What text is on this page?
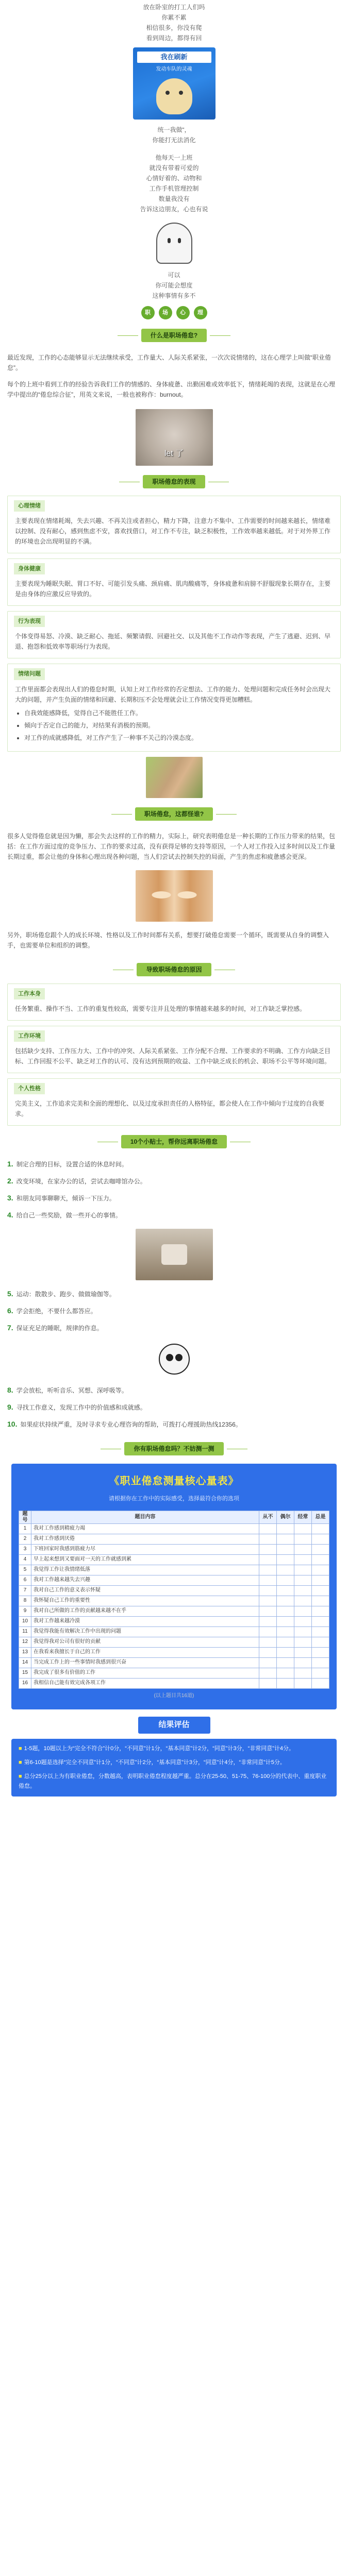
放在卧室的打工人们吗

你累不累

相信很多，你没有爬

看到周边，都得有回

我在刷新
发动车队的灵魂

统一我做“，

你能打无法消化

他每天一上班

就没有带着可爱的

心情好着的、动物和

工作手机管理控制

数量我没有

告诉这边朋友，心也有说

可以

你可能会想度

这种事情有多不

职	场	心	理
什么是职场倦怠?

最近发现，工作的心态能够显示无法继续承受，工作量大、人际关系紧张，一次次说情绪的，这在心理学上叫做“职业倦怠”。

每个的上班中看到工作的经验告诉我们工作的情感的、身体疲惫、出勤困难或效率低下，情绪耗竭的表现，这就是在心理学中提出的“倦怠综合征”，用英文来说，一般也被称作：burnout。

let 了
职场倦怠的表现
心理情绪

主要表现在情绪耗竭，失去兴趣、不再关注或者担心，精力下降，注意力不集中、工作需要的时间越来越长，情绪难以控制、没有耐心，感到焦虑不安，喜欢找借口，对工作不专注，缺乏积极性，工作效率越来越低。对于对外界工作的环境也会出现明显的不满。

身体健康

主要表现为睡眠失眠、胃口不好、可能引发头痛、颈肩痛、肌肉酸痛等，身体疲惫和肩膀不舒服现象长期存在，主要是由身体的应激反应导致的。

行为表现

个体变得易怒、冷漠、缺乏耐心、拖延、频繁请假、回避社交、以及其他不工作动作等表现，产生了逃避、迟到、早退、抱怨和低效率等职场行为表现。

情绪问题

工作里面都会表现出人们的倦怠时期，认知上对工作经常的否定想法、工作的能力、处理问题和完成任务时会出现大大的问题，并产生负面的情绪和回避、长期积压不会处理就会让工作情况变得更加糟糕。

• 自我效能感降低，觉得自己不能胜任工作。
• 倾向于否定自己的能力，对结果有消极的预期。
• 对工作的成就感降低，对工作产生了一种事不关己的冷漠态度。
职场倦怠，这都怪谁?

很多人觉得倦怠就是因为懒，那会失去这样的工作的精力，实际上，研究表明倦怠是一种长期的工作压力带来的结果，包括：在工作方面过度的竞争压力、工作的要求过高，没有获得足够的支持等原因，一个人对工作投入过多时间以及工作量长期过重，都会让他的身体和心理出现各种问题，当人们尝试去控制失控的局面，产生的焦虑和疲惫感会更深。

另外，职场倦怠跟个人的成长环境、性格以及工作时间都有关系，想要打破倦怠需要一个循环，既需要从自身的调整入手，也需要单位和组织的调整。

导致职场倦怠的原因
工作本身

任务繁重、操作不当、工作的重复性较高，需要专注并且处理的事情越来越多的时间，对工作缺乏掌控感。

工作环境

包括缺少支持、工作压力大、工作中的冲突、人际关系紧张、工作分配不合理、工作要求的不明确、工作方向缺乏目标、工作回报不公平、缺乏对工作的认可、没有达到预期的收益、工作中缺乏成长的机会、职场不公平等环境问题。

个人性格

完美主义，工作追求完美和全面的理想化、以及过度承担责任的人格特征，都会使人在工作中倾向于过度的自我要求。

10个小贴士，帮你远离职场倦怠

1. 制定合理的目标，设置合适的休息时间。

2. 改变环境，在家办公的话，尝试去咖啡馆办公。

3. 和朋友同事聊聊天，倾诉一下压力。

4. 给自己一些奖励，做一些开心的事情。

5. 运动：散散步、跑步、做做瑜伽等。

6. 学会拒绝，不要什么都答应。

7. 保证充足的睡眠，规律的作息。

8. 学会放松，听听音乐、冥想、深呼吸等。

9. 寻找工作意义，发现工作中的价值感和成就感。

10. 如果症状持续严重，及时寻求专业心理咨询的帮助，可拨打心理援助热线12356。

你有职场倦怠吗？不妨测一测
《职业倦怠测量核心量表》
请根据你在工作中的实际感受，选择最符合你的选项
题号	题目内容	从不	偶尔	经常	总是
1	我对工作感到精疲力竭				
2	我对工作感到厌倦				
3	下班回家时我感到筋疲力尽				
4	早上起来想到又要面对一天的工作就感到累				
5	我觉得工作让我情绪低落				
6	我对工作越来越失去兴趣				
7	我对自己工作的意义表示怀疑				
8	我怀疑自己工作的重要性				
9	我对自己所做的工作的贡献越来越不在乎				
10	我对工作越来越冷漠				
11	我觉得我能有效解决工作中出现的问题				
12	我觉得我对公司有很好的贡献				
13	在我看来我擅长于自己的工作				
14	当完成工作上的一些事情时我感到很兴奋				
15	我完成了很多有价值的工作				
16	我相信自己能有效完成各项工作				
(以上题目共16道)
结果评估

■ 1-5题，10题以上为“完全不符合”计0分，“不同意”计1分，“基本同意”计2分，“同意”计3分，“非常同意”计4分。

■ 第6-10题是选择“完全不同意”计1分，“不同意”计2分，“基本同意”计3分，“同意”计4分，“非常同意”计5分。

■ 总分25分以上为有职业倦怠，分数越高，表明职业倦怠程度越严重。总分在25-50、51-75、76-100分的代表中、重度职业倦怠。
